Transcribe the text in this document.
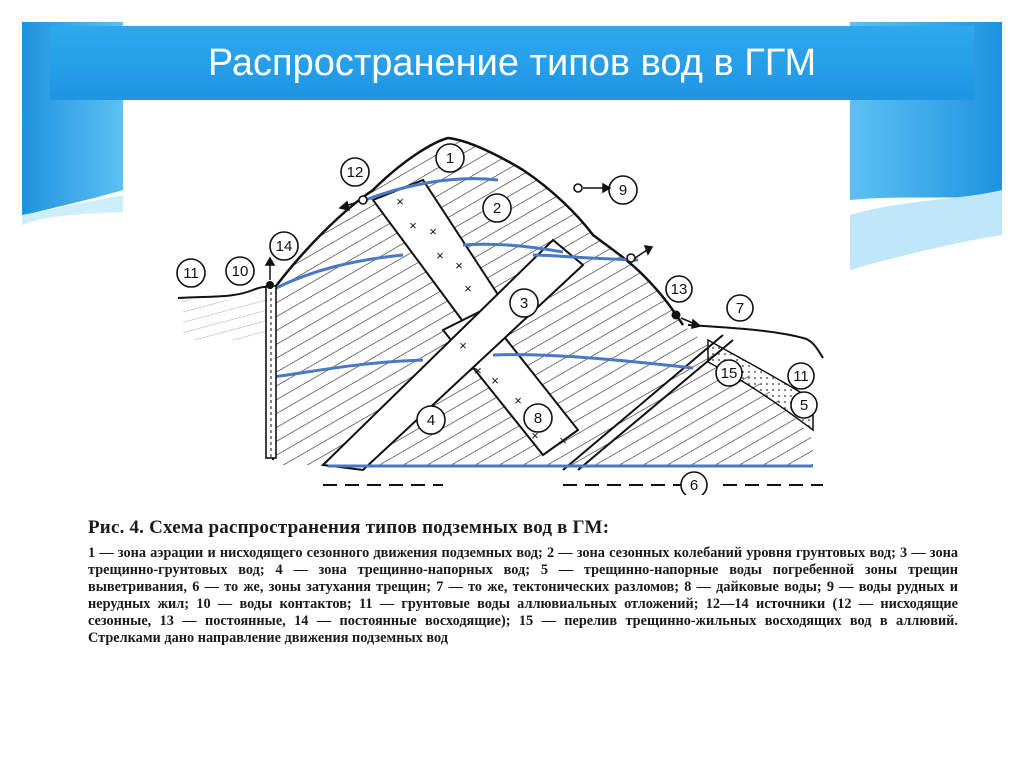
Распространение типов вод в ГГМ
1
2
3
4
5
6
7
8
9
10
11
11
12
13
14
15
×
× ×
×
×
×
×
×
×
×
× ×
Рис. 4. Схема распространения типов подземных вод в ГМ:
1 — зона аэрации и нисходящего сезонного движения подземных вод; 2 — зона сезонных колебаний уровня грунтовых вод; 3 — зона трещинно-грунтовых вод; 4 — зона трещинно-напорных вод; 5 — трещинно-напорные воды погребенной зоны трещин выветривания, 6 — то же, зоны затухания трещин; 7 — то же, тектонических разломов; 8 — дайковые воды; 9 — воды рудных и нерудных жил; 10 — воды контактов; 11 — грунтовые воды аллювиальных отложений; 12—14 источники (12 — нисходящие сезонные, 13 — постоянные, 14 — постоянные восходящие); 15 — перелив трещинно-жильных восходящих вод в аллювий. Стрелками дано направление движения подземных вод
